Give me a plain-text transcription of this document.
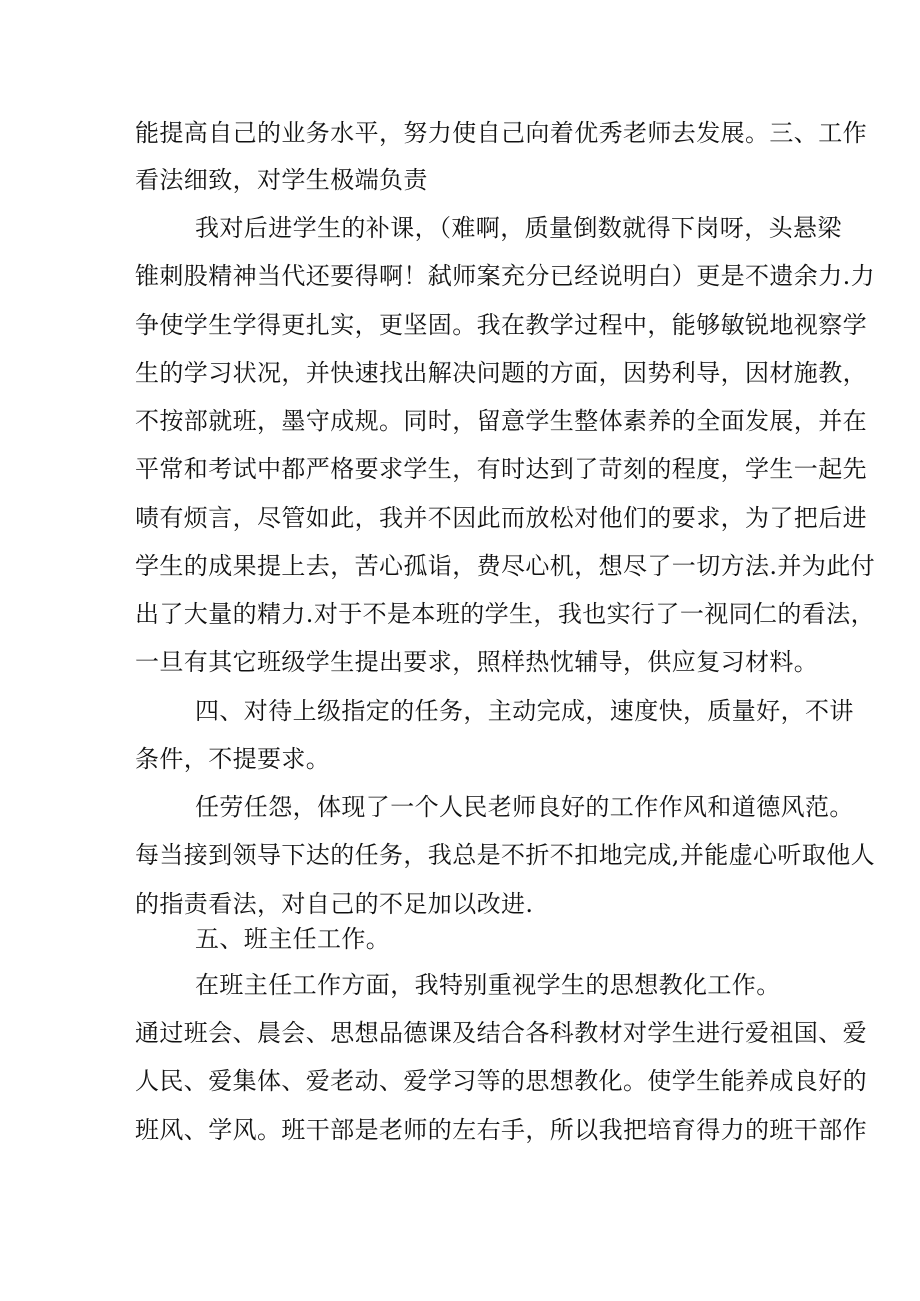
能提高自己的业务水平，努力使自己向着优秀老师去发展。三、工作
看法细致，对学生极端负责
我对后进学生的补课，（难啊，质量倒数就得下岗呀，头悬梁
锥刺股精神当代还要得啊！弑师案充分已经说明白）更是不遗余力.力
争使学生学得更扎实，更坚固。我在教学过程中，能够敏锐地视察学
生的学习状况，并快速找出解决问题的方面，因势利导，因材施教，
不按部就班，墨守成规。同时，留意学生整体素养的全面发展，并在
平常和考试中都严格要求学生，有时达到了苛刻的程度，学生一起先
啧有烦言，尽管如此，我并不因此而放松对他们的要求，为了把后进
学生的成果提上去，苦心孤诣，费尽心机，想尽了一切方法.并为此付
出了大量的精力.对于不是本班的学生，我也实行了一视同仁的看法，
一旦有其它班级学生提出要求，照样热忱辅导，供应复习材料。
四、对待上级指定的任务，主动完成，速度快，质量好，不讲
条件，不提要求。
任劳任怨，体现了一个人民老师良好的工作作风和道德风范。
每当接到领导下达的任务，我总是不折不扣地完成,并能虚心听取他人
的指责看法，对自己的不足加以改进.
五、班主任工作。
在班主任工作方面，我特别重视学生的思想教化工作。
通过班会、晨会、思想品德课及结合各科教材对学生进行爱祖国、爱
人民、爱集体、爱老动、爱学习等的思想教化。使学生能养成良好的
班风、学风。班干部是老师的左右手，所以我把培育得力的班干部作
